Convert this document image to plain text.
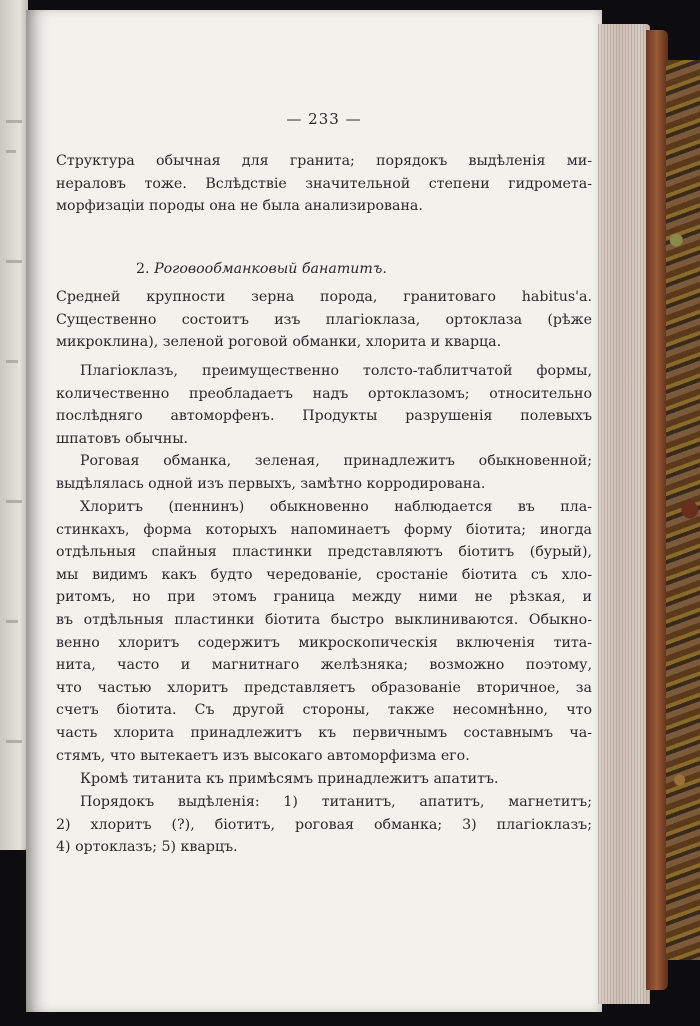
— 233 —
Структура обычная для гранита; порядокъ выдѣленія ми-
нераловъ тоже. Вслѣдствіе значительной степени гидромета-
морфизаціи породы она не была анализирована.
2. Роговообманковый банатитъ.
Средней крупности зерна порода, гранитоваго habitus'a.
Существенно состоитъ изъ плагіоклаза, ортоклаза (рѣже
микроклина), зеленой роговой обманки, хлорита и кварца.
Плагіоклазъ, преимущественно толсто-таблитчатой формы,
количественно преобладаетъ надъ ортоклазомъ; относительно
послѣдняго автоморфенъ. Продукты разрушенія полевыхъ
шпатовъ обычны.
Роговая обманка, зеленая, принадлежитъ обыкновенной;
выдѣлялась одной изъ первыхъ, замѣтно корродирована.
Хлоритъ (пеннинъ) обыкновенно наблюдается въ пла-
стинкахъ, форма которыхъ напоминаетъ форму біотита; иногда
отдѣльныя спайныя пластинки представляютъ біотитъ (бурый),
мы видимъ какъ будто чередованіе, сростаніе біотита съ хло-
ритомъ, но при этомъ граница между ними не рѣзкая, и
въ отдѣльныя пластинки біотита быстро выклиниваются. Обыкно-
венно хлоритъ содержитъ микроскопическія включенія тита-
нита, часто и магнитнаго желѣзняка; возможно поэтому,
что частью хлоритъ представляетъ образованіе вторичное, за
счетъ біотита. Съ другой стороны, также несомнѣнно, что
часть хлорита принадлежитъ къ первичнымъ составнымъ ча-
стямъ, что вытекаетъ изъ высокаго автоморфизма его.
Кромѣ титанита къ примѣсямъ принадлежитъ апатитъ.
Порядокъ выдѣленія: 1) титанитъ, апатитъ, магнетитъ;
2) хлоритъ (?), біотитъ, роговая обманка; 3) плагіоклазъ;
4) ортоклазъ; 5) кварцъ.
